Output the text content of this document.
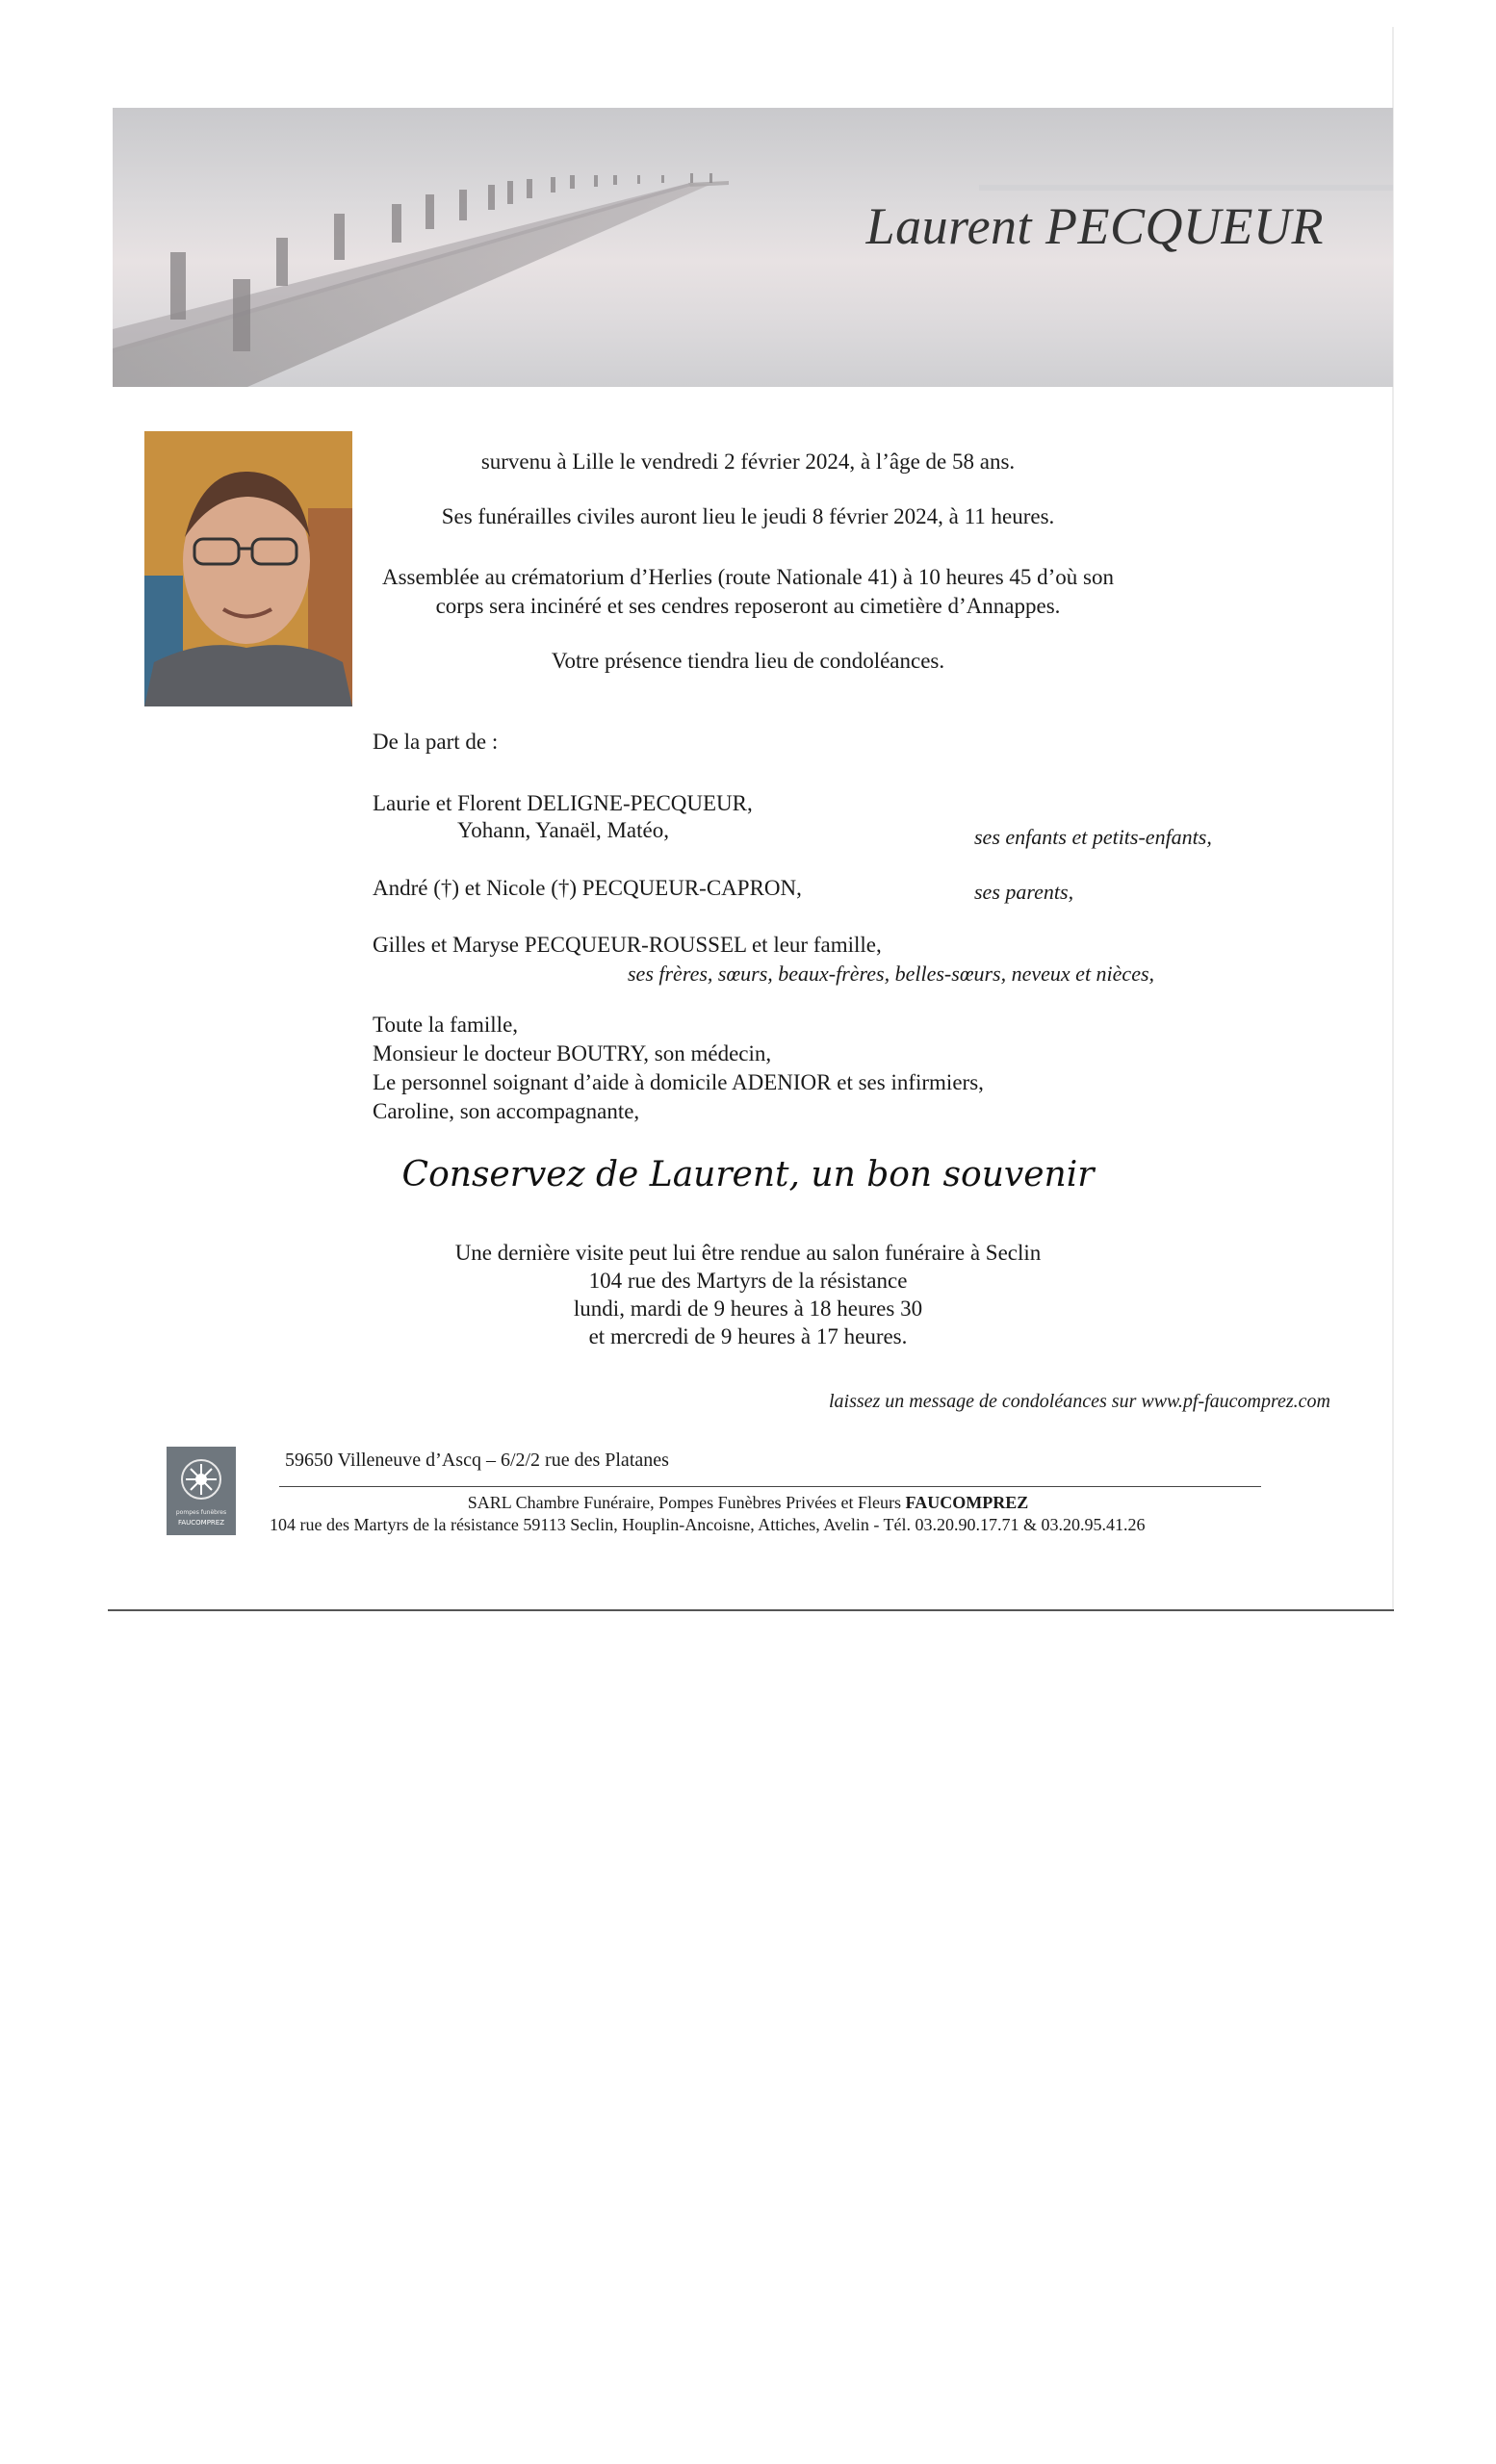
Laurent PECQUEUR
survenu à Lille le vendredi 2 février 2024, à l’âge de 58 ans.
Ses funérailles civiles auront lieu le jeudi 8 février 2024, à 11 heures.
Assemblée au crématorium d’Herlies (route Nationale 41) à 10 heures 45 d’où son
corps sera incinéré et ses cendres reposeront au cimetière d’Annappes.
Votre présence tiendra lieu de condoléances.
De la part de :
Laurie et Florent DELIGNE-PECQUEUR,
Yohann, Yanaël, Matéo,	ses enfants et petits-enfants,
André (†) et Nicole (†) PECQUEUR-CAPRON,	ses parents,
Gilles et Maryse PECQUEUR-ROUSSEL et leur famille,
ses frères, sœurs, beaux-frères, belles-sœurs, neveux et nièces,
Toute la famille,
Monsieur le docteur BOUTRY, son médecin,
Le personnel soignant d’aide à domicile ADENIOR et ses infirmiers,
Caroline, son accompagnante,
Conservez de Laurent, un bon souvenir
Une dernière visite peut lui être rendue au salon funéraire à Seclin
104 rue des Martyrs de la résistance
lundi, mardi de 9 heures à 18 heures 30
et mercredi de 9 heures à 17 heures.
laissez un message de condoléances sur www.pf-faucomprez.com
pompes funèbres
FAUCOMPREZ
59650 Villeneuve d’Ascq – 6/2/2 rue des Platanes
SARL Chambre Funéraire, Pompes Funèbres Privées et Fleurs FAUCOMPREZ
104 rue des Martyrs de la résistance 59113 Seclin, Houplin-Ancoisne, Attiches, Avelin - Tél. 03.20.90.17.71 & 03.20.95.41.26
